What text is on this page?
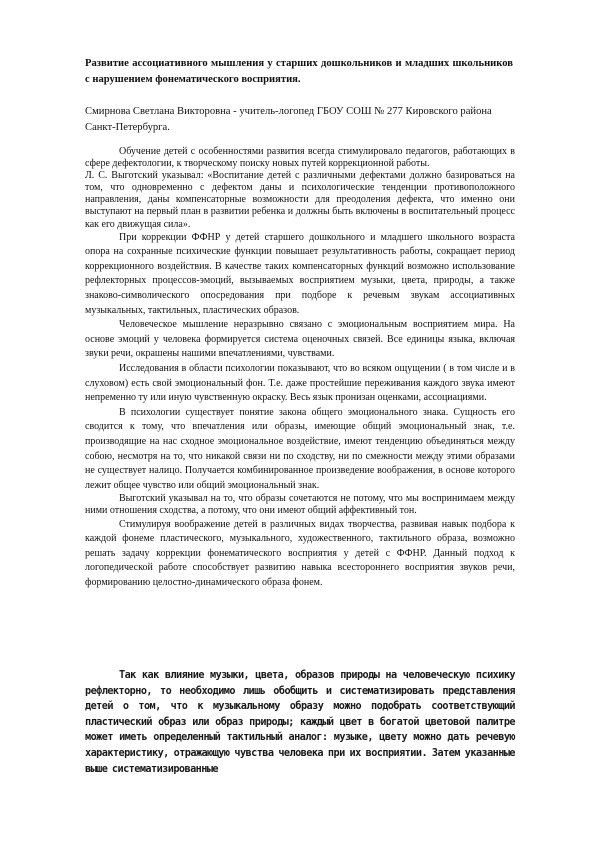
Развитие ассоциативного мышления у старших дошкольников и младших школьников с нарушением фонематического восприятия.

Смирнова Светлана Викторовна - учитель-логопед ГБОУ СОШ № 277 Кировского района Санкт-Петербурга.

Обучение детей с особенностями развития всегда стимулировало педагогов, работающих в сфере дефектологии, к творческому поиску новых путей коррекционной работы.

Л. С. Выготский указывал: «Воспитание детей с различными дефектами должно базироваться на том, что одновременно с дефектом даны и психологические тенденции противоположного направления, даны компенсаторные возможности для преодоления дефекта, что именно они выступают на первый план в развитии ребенка и должны быть включены в воспитательный процесс как его движущая сила».

При коррекции ФФНР у детей старшего дошкольного и младшего школьного возраста опора на сохранные психические функции повышает результативность работы, сокращает период коррекционного воздействия. В качестве таких компенсаторных функций возможно использование рефлекторных процессов-эмоций, вызываемых восприятием музыки, цвета, природы, а также знаково-символического опосредования при подборе к речевым звукам ассоциативных музыкальных, тактильных, пластических образов.

Человеческое мышление неразрывно связано с эмоциональным восприятием мира. На основе эмоций у человека формируется система оценочных связей. Все единицы языка, включая звуки речи, окрашены нашими впечатлениями, чувствами.

Исследования в области психологии показывают, что во всяком ощущении ( в том числе и в слуховом) есть свой эмоциональный фон. Т.е. даже простейшие переживания каждого звука имеют непременно ту или иную чувственную окраску. Весь язык пронизан оценками, ассоциациями.

В психологии существует понятие закона общего эмоционального знака. Сущность его сводится к тому, что впечатления или образы, имеющие общий эмоциональный знак, т.е. производящие на нас сходное эмоциональное воздействие, имеют тенденцию объединяться между собою, несмотря на то, что никакой связи ни по сходству, ни по смежности между этими образами не существует налицо. Получается комбинированное произведение воображения, в основе которого лежит общее чувство или общий эмоциональный знак.

Выготский указывал на то, что образы сочетаются не потому, что мы воспринимаем между ними отношения сходства, а потому, что они имеют общий аффективный тон.

Стимулируя воображение детей в различных видах творчества, развивая навык подбора к каждой фонеме пластического, музыкального, художественного, тактильного образа, возможно решать задачу коррекции фонематического восприятия у детей с ФФНР. Данный подход к логопедической работе способствует развитию навыка всестороннего восприятия звуков речи, формированию целостно-динамического образа фонем.

Так как влияние музыки, цвета, образов природы на человеческую психику рефлекторно, то необходимо лишь обобщить и систематизировать представления детей о том, что к музыкальному образу можно подобрать соответствующий пластический образ или образ природы; каждый цвет в богатой цветовой палитре может иметь определенный тактильный аналог: музыке, цвету можно дать речевую характеристику, отражающую чувства человека при их восприятии. Затем указанные выше систематизированные
